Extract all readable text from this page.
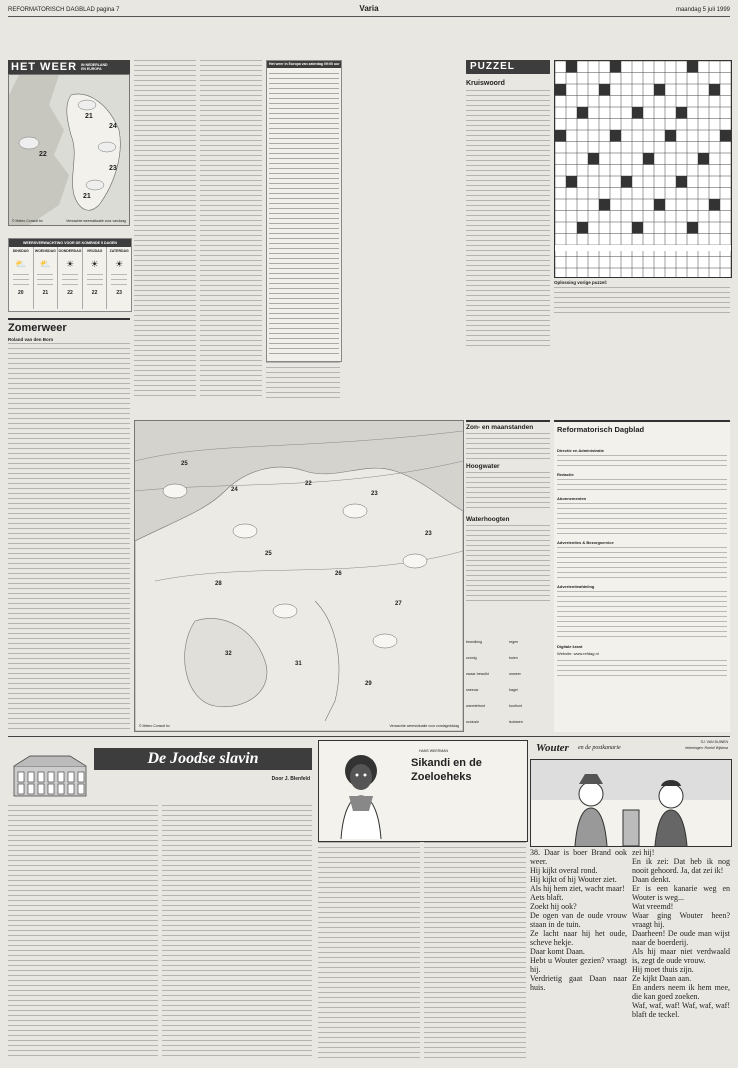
REFORMATORISCH DAGBLAD pagina 7	Varia	maandag 5 juli 1999
HET WEER IN NEDERLAND EN EUROPA
21
24
22
23
21
© Meteo Consult bv	Verwachte weerssituatie voor vandaag
WEERSVERWACHTING VOOR DE KOMENDE 5 DAGEN
DINSDAG
⛅
20
WOENSDAG
⛅
21
DONDERDAG
☀
22
VRIJDAG
☀
22
ZATERDAG
☀
23
Zomerweer
Roland van den Born
Het weer in Europa van zaterdag 09:00 uur	PUZZEL
Kruiswoord
Oplossing vorige puzzel:
Zon- en maanstanden
Hoogwater
Waterhoogten
25
24
22
23
23
25
28
26
27
32
31
29
© Meteo Consult bv	Verwachte weerssituatie voor zondagmiddag
bewolking	regen
zonnig	buien
zwaar bewolkt	onweer
sneeuw	hagel
warmtefront	koufront
occlusie	isobaren
Reformatorisch Dagblad
Directie en Administratie
Redactie
Abonnementen
Advertenties & Bezorgservice
Advertentieafdeling
Digitale krant
Website: www.refdag.nl
De Joodse slavin
Door J. Blenfeld
HANS WEERMAN
Sikandi en de
Zoeloeheks
Wouter en de postkanarie
SJ. VAN DUINEN
tekeningen: Roelof Wijstma
38. Daar is boer Brand ook weer.
Hij kijkt overal rond.
Hij kijkt of hij Wouter ziet.
Als hij hem ziet, wacht maar!
Aets blaft.
Zoekt hij ook?
De ogen van de oude vrouw staan in de tuin.
Ze lacht naar hij het oude, scheve hekje.
Daar komt Daan.
Hebt u Wouter gezien? vraagt hij.
Verdrietig gaat Daan naar huis.
zei hij!
En ik zei: Dat heb ik nog nooit gehoord. Ja, dat zei ik!
Daan denkt.
Er is een kanarie weg en Wouter is weg...
Wat vreemd!
Waar ging Wouter heen? vraagt hij.
Daarheen! De oude man wijst naar de boerderij.
Als hij maar niet verdwaald is, zegt de oude vrouw.
Hij moet thuis zijn.
Ze kijkt Daan aan.
En anders neem ik hem mee, die kan goed zoeken.
Waf, waf, waf! Waf, waf, waf! blaft de teckel.
